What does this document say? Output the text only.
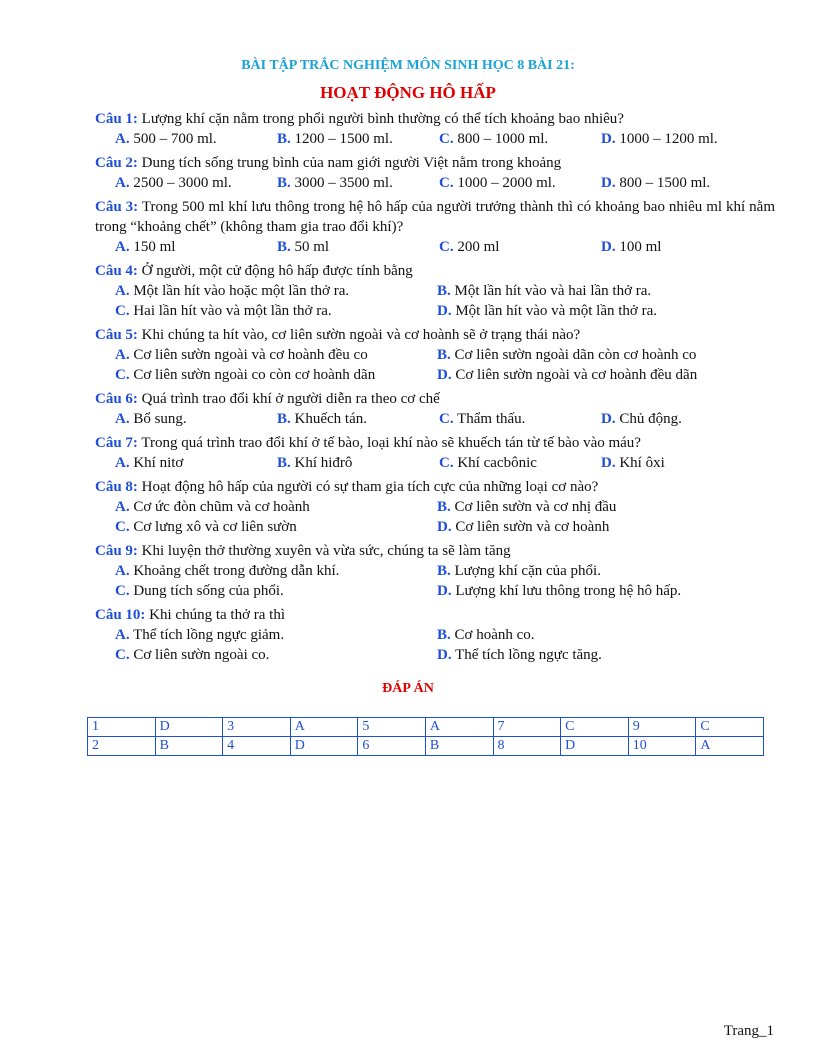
BÀI TẬP TRẮC NGHIỆM MÔN SINH HỌC 8 BÀI 21:
HOẠT ĐỘNG HÔ HẤP
Câu 1: Lượng khí cặn nằm trong phổi người bình thường có thể tích khoảng bao nhiêu?
A. 500 – 700 ml.	B. 1200 – 1500 ml.	C. 800 – 1000 ml.	D. 1000 – 1200 ml.
Câu 2: Dung tích sống trung bình của nam giới người Việt nằm trong khoảng
A. 2500 – 3000 ml.	B. 3000 – 3500 ml.	C. 1000 – 2000 ml.	D. 800 – 1500 ml.
Câu 3: Trong 500 ml khí lưu thông trong hệ hô hấp của người trưởng thành thì có khoảng bao nhiêu ml khí nằm trong “khoảng chết” (không tham gia trao đổi khí)?
A. 150 ml	B. 50 ml	C. 200 ml	D. 100 ml
Câu 4: Ở người, một cử động hô hấp được tính bằng
A. Một lần hít vào hoặc một lần thở ra.	B. Một lần hít vào và hai lần thở ra.
C. Hai lần hít vào và một lần thở ra.	D. Một lần hít vào và một lần thở ra.
Câu 5: Khi chúng ta hít vào, cơ liên sườn ngoài và cơ hoành sẽ ở trạng thái nào?
A. Cơ liên sườn ngoài và cơ hoành đều co	B. Cơ liên sườn ngoài dãn còn cơ hoành co
C. Cơ liên sườn ngoài co còn cơ hoành dãn	D. Cơ liên sườn ngoài và cơ hoành đều dãn
Câu 6: Quá trình trao đổi khí ở người diễn ra theo cơ chế
A. Bổ sung.	B. Khuếch tán.	C. Thẩm thấu.	D. Chủ động.
Câu 7: Trong quá trình trao đổi khí ở tế bào, loại khí nào sẽ khuếch tán từ tế bào vào máu?
A. Khí nitơ	B. Khí hiđrô	C. Khí cacbônic	D. Khí ôxi
Câu 8: Hoạt động hô hấp của người có sự tham gia tích cực của những loại cơ nào?
A. Cơ ức đòn chũm và cơ hoành	B. Cơ liên sườn và cơ nhị đầu
C. Cơ lưng xô và cơ liên sườn	D. Cơ liên sườn và cơ hoành
Câu 9: Khi luyện thở thường xuyên và vừa sức, chúng ta sẽ làm tăng
A. Khoảng chết trong đường dẫn khí.	B. Lượng khí cặn của phổi.
C. Dung tích sống của phổi.	D. Lượng khí lưu thông trong hệ hô hấp.
Câu 10: Khi chúng ta thở ra thì
A. Thể tích lồng ngực giảm.	B. Cơ hoành co.
C. Cơ liên sườn ngoài co.	D. Thể tích lồng ngực tăng.
ĐÁP ÁN
1	D	3	A	5	A	7	C	9	C
2	B	4	D	6	B	8	D	10	A
Trang_1
